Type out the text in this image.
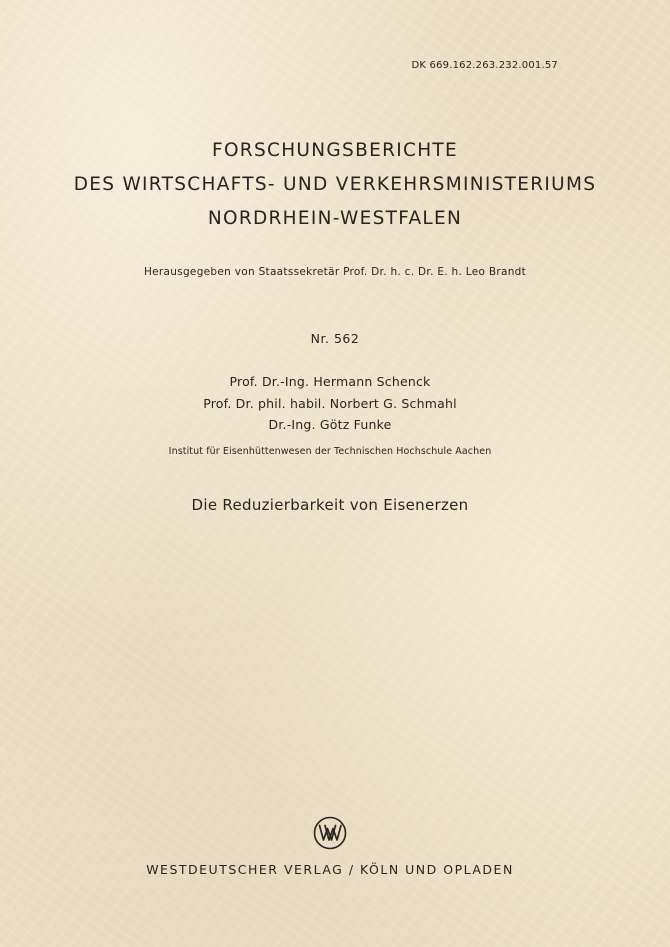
DK 669.162.263.232.001.57
FORSCHUNGSBERICHTE
DES WIRTSCHAFTS- UND VERKEHRSMINISTERIUMS
NORDRHEIN-WESTFALEN
Herausgegeben von Staatssekretär Prof. Dr. h. c. Dr. E. h. Leo Brandt
Nr. 562
Prof. Dr.-Ing. Hermann Schenck
Prof. Dr. phil. habil. Norbert G. Schmahl
Dr.-Ing. Götz Funke
Institut für Eisenhüttenwesen der Technischen Hochschule Aachen
Die Reduzierbarkeit von Eisenerzen
WESTDEUTSCHER VERLAG / KÖLN UND OPLADEN
